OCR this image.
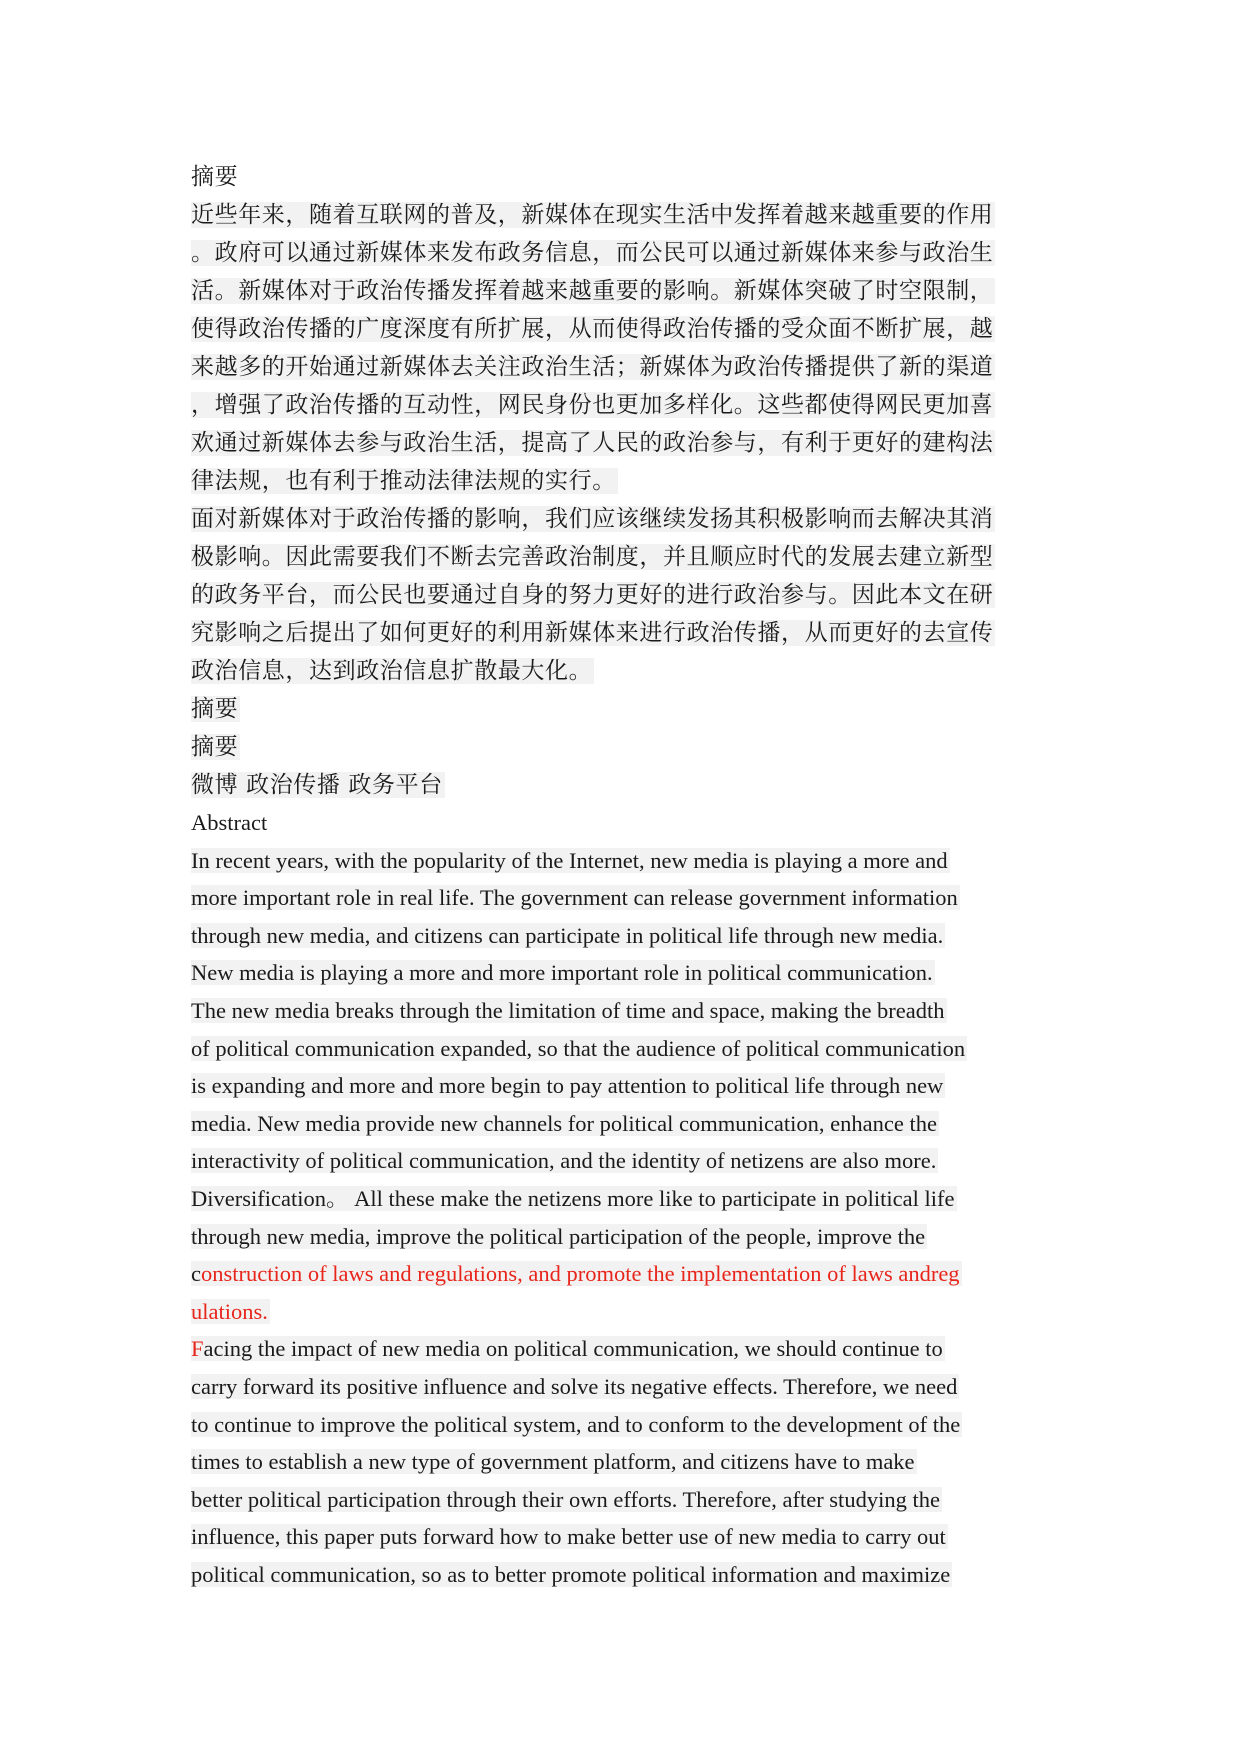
摘要
近些年来，随着互联网的普及，新媒体在现实生活中发挥着越来越重要的作用
。政府可以通过新媒体来发布政务信息，而公民可以通过新媒体来参与政治生
活。新媒体对于政治传播发挥着越来越重要的影响。新媒体突破了时空限制，
使得政治传播的广度深度有所扩展，从而使得政治传播的受众面不断扩展，越
来越多的开始通过新媒体去关注政治生活；新媒体为政治传播提供了新的渠道
，增强了政治传播的互动性，网民身份也更加多样化。这些都使得网民更加喜
欢通过新媒体去参与政治生活，提高了人民的政治参与，有利于更好的建构法
律法规，也有利于推动法律法规的实行。
面对新媒体对于政治传播的影响，我们应该继续发扬其积极影响而去解决其消
极影响。因此需要我们不断去完善政治制度，并且顺应时代的发展去建立新型
的政务平台，而公民也要通过自身的努力更好的进行政治参与。因此本文在研
究影响之后提出了如何更好的利用新媒体来进行政治传播，从而更好的去宣传
政治信息，达到政治信息扩散最大化。
摘要
摘要
微博 政治传播 政务平台
Abstract
In recent years, with the popularity of the Internet, new media is playing a more and
more important role in real life. The government can release government information
through new media, and citizens can participate in political life through new media.
New media is playing a more and more important role in political communication.
The new media breaks through the limitation of time and space, making the breadth
of political communication expanded, so that the audience of political communication
is expanding and more and more begin to pay attention to political life through new
media. New media provide new channels for political communication, enhance the
interactivity of political communication, and the identity of netizens are also more.
Diversification。 All these make the netizens more like to participate in political life
through new media, improve the political participation of the people, improve the
construction of laws and regulations, and promote the implementation of laws andreg
ulations.
Facing the impact of new media on political communication, we should continue to
carry forward its positive influence and solve its negative effects. Therefore, we need
to continue to improve the political system, and to conform to the development of the
times to establish a new type of government platform, and citizens have to make
better political participation through their own efforts. Therefore, after studying the
influence, this paper puts forward how to make better use of new media to carry out
political communication, so as to better promote political information and maximize
